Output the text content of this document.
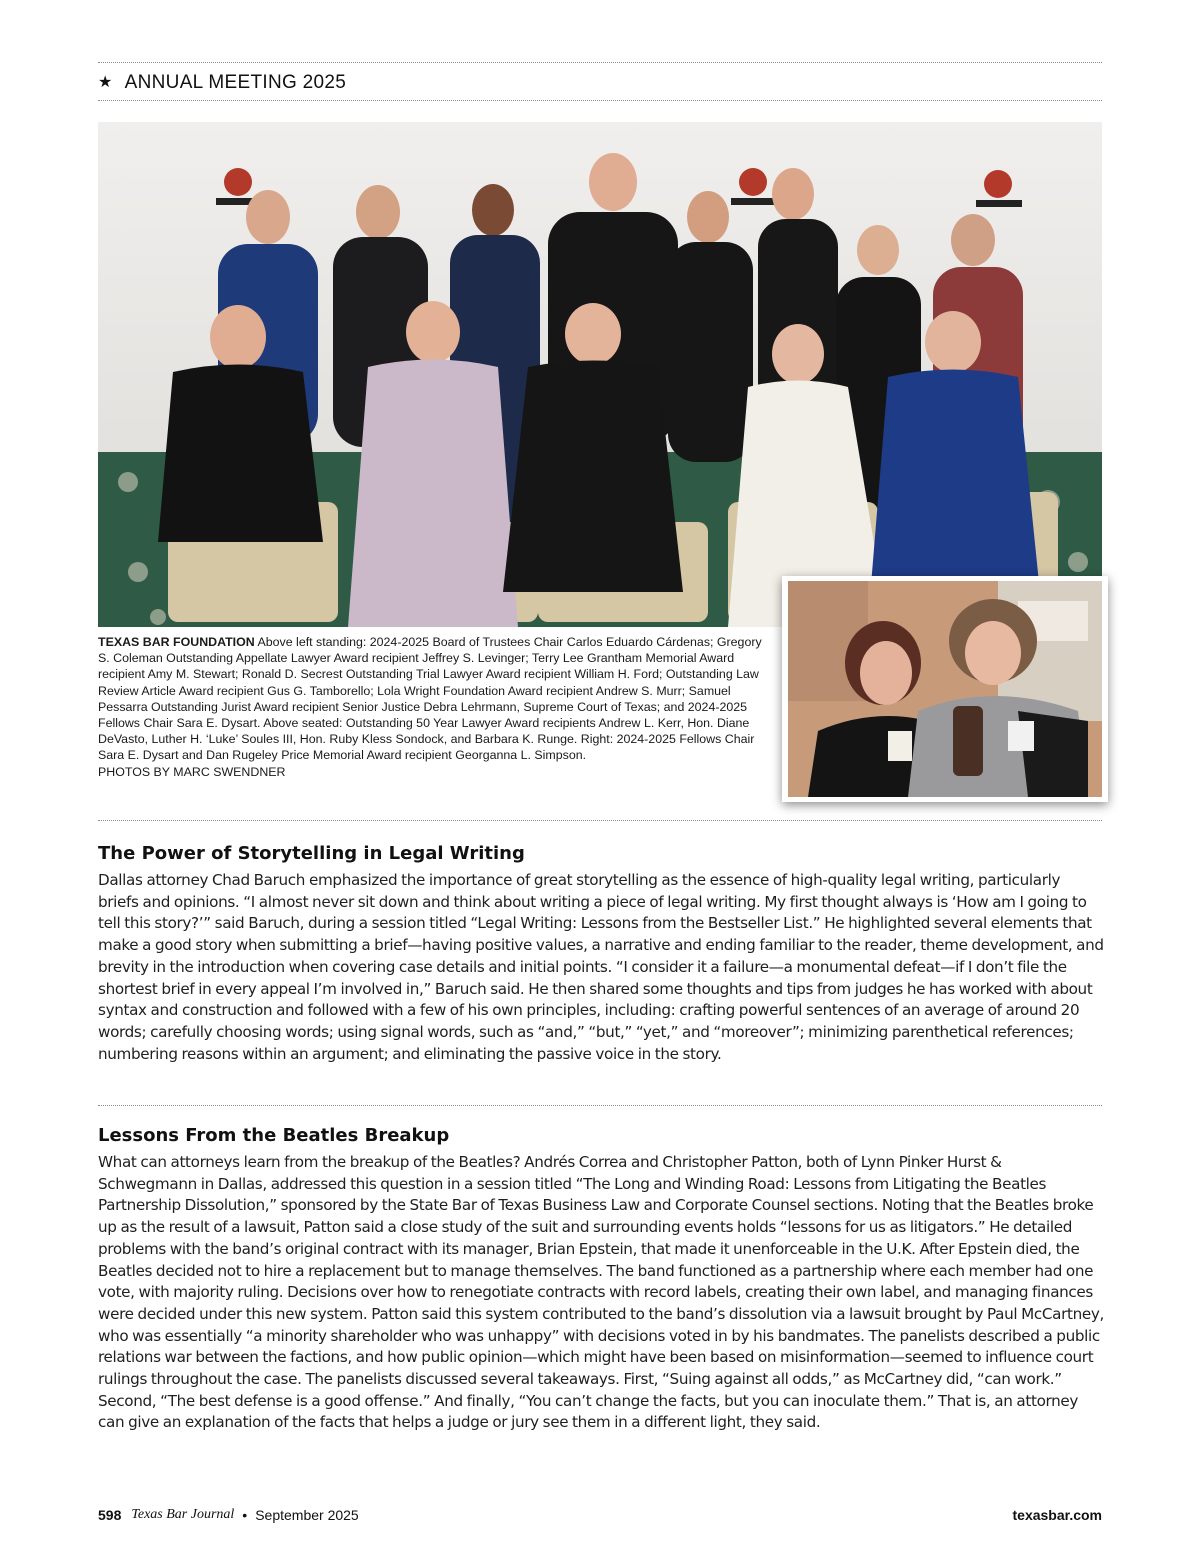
★ ANNUAL MEETING 2025
TEXAS BAR FOUNDATION Above left standing: 2024-2025 Board of Trustees Chair Carlos Eduardo Cárdenas; Gregory S. Coleman Outstanding Appellate Lawyer Award recipient Jeffrey S. Levinger; Terry Lee Grantham Memorial Award recipient Amy M. Stewart; Ronald D. Secrest Outstanding Trial Lawyer Award recipient William H. Ford; Outstanding Law Review Article Award recipient Gus G. Tamborello; Lola Wright Foundation Award recipient Andrew S. Murr; Samuel Pessarra Outstanding Jurist Award recipient Senior Justice Debra Lehrmann, Supreme Court of Texas; and 2024-2025 Fellows Chair Sara E. Dysart. Above seated: Outstanding 50 Year Lawyer Award recipients Andrew L. Kerr, Hon. Diane DeVasto, Luther H. ‘Luke’ Soules III, Hon. Ruby Kless Sondock, and Barbara K. Runge. Right: 2024-2025 Fellows Chair Sara E. Dysart and Dan Rugeley Price Memorial Award recipient Georganna L. Simpson.
PHOTOS BY MARC SWENDNER
The Power of Storytelling in Legal Writing

Dallas attorney Chad Baruch emphasized the importance of great storytelling as the essence of high-quality legal writing, particularly briefs and opinions. “I almost never sit down and think about writing a piece of legal writing. My first thought always is ‘How am I going to tell this story?’” said Baruch, during a session titled “Legal Writing: Lessons from the Bestseller List.” He highlighted several elements that make a good story when submitting a brief—having positive values, a narrative and ending familiar to the reader, theme development, and brevity in the introduction when covering case details and initial points. “I consider it a failure—a monumental defeat—if I don’t file the shortest brief in every appeal I’m involved in,” Baruch said. He then shared some thoughts and tips from judges he has worked with about syntax and construction and followed with a few of his own principles, including: crafting powerful sentences of an average of around 20 words; carefully choosing words; using signal words, such as “and,” “but,” “yet,” and “moreover”; minimizing parenthetical references; numbering reasons within an argument; and eliminating the passive voice in the story.

Lessons From the Beatles Breakup

What can attorneys learn from the breakup of the Beatles? Andrés Correa and Christopher Patton, both of Lynn Pinker Hurst & Schwegmann in Dallas, addressed this question in a session titled “The Long and Winding Road: Lessons from Litigating the Beatles Partnership Dissolution,” sponsored by the State Bar of Texas Business Law and Corporate Counsel sections. Noting that the Beatles broke up as the result of a lawsuit, Patton said a close study of the suit and surrounding events holds “lessons for us as litigators.” He detailed problems with the band’s original contract with its manager, Brian Epstein, that made it unenforceable in the U.K. After Epstein died, the Beatles decided not to hire a replacement but to manage themselves. The band functioned as a partnership where each member had one vote, with majority ruling. Decisions over how to renegotiate contracts with record labels, creating their own label, and managing finances were decided under this new system. Patton said this system contributed to the band’s dissolution via a lawsuit brought by Paul McCartney, who was essentially “a minority shareholder who was unhappy” with decisions voted in by his bandmates. The panelists described a public relations war between the factions, and how public opinion—which might have been based on misinformation—seemed to influence court rulings throughout the case. The panelists discussed several takeaways. First, “Suing against all odds,” as McCartney did, “can work.” Second, “The best defense is a good offense.” And finally, “You can’t change the facts, but you can inoculate them.” That is, an attorney can give an explanation of the facts that helps a judge or jury see them in a different light, they said.

598 Texas Bar Journal • September 2025	texasbar.com
